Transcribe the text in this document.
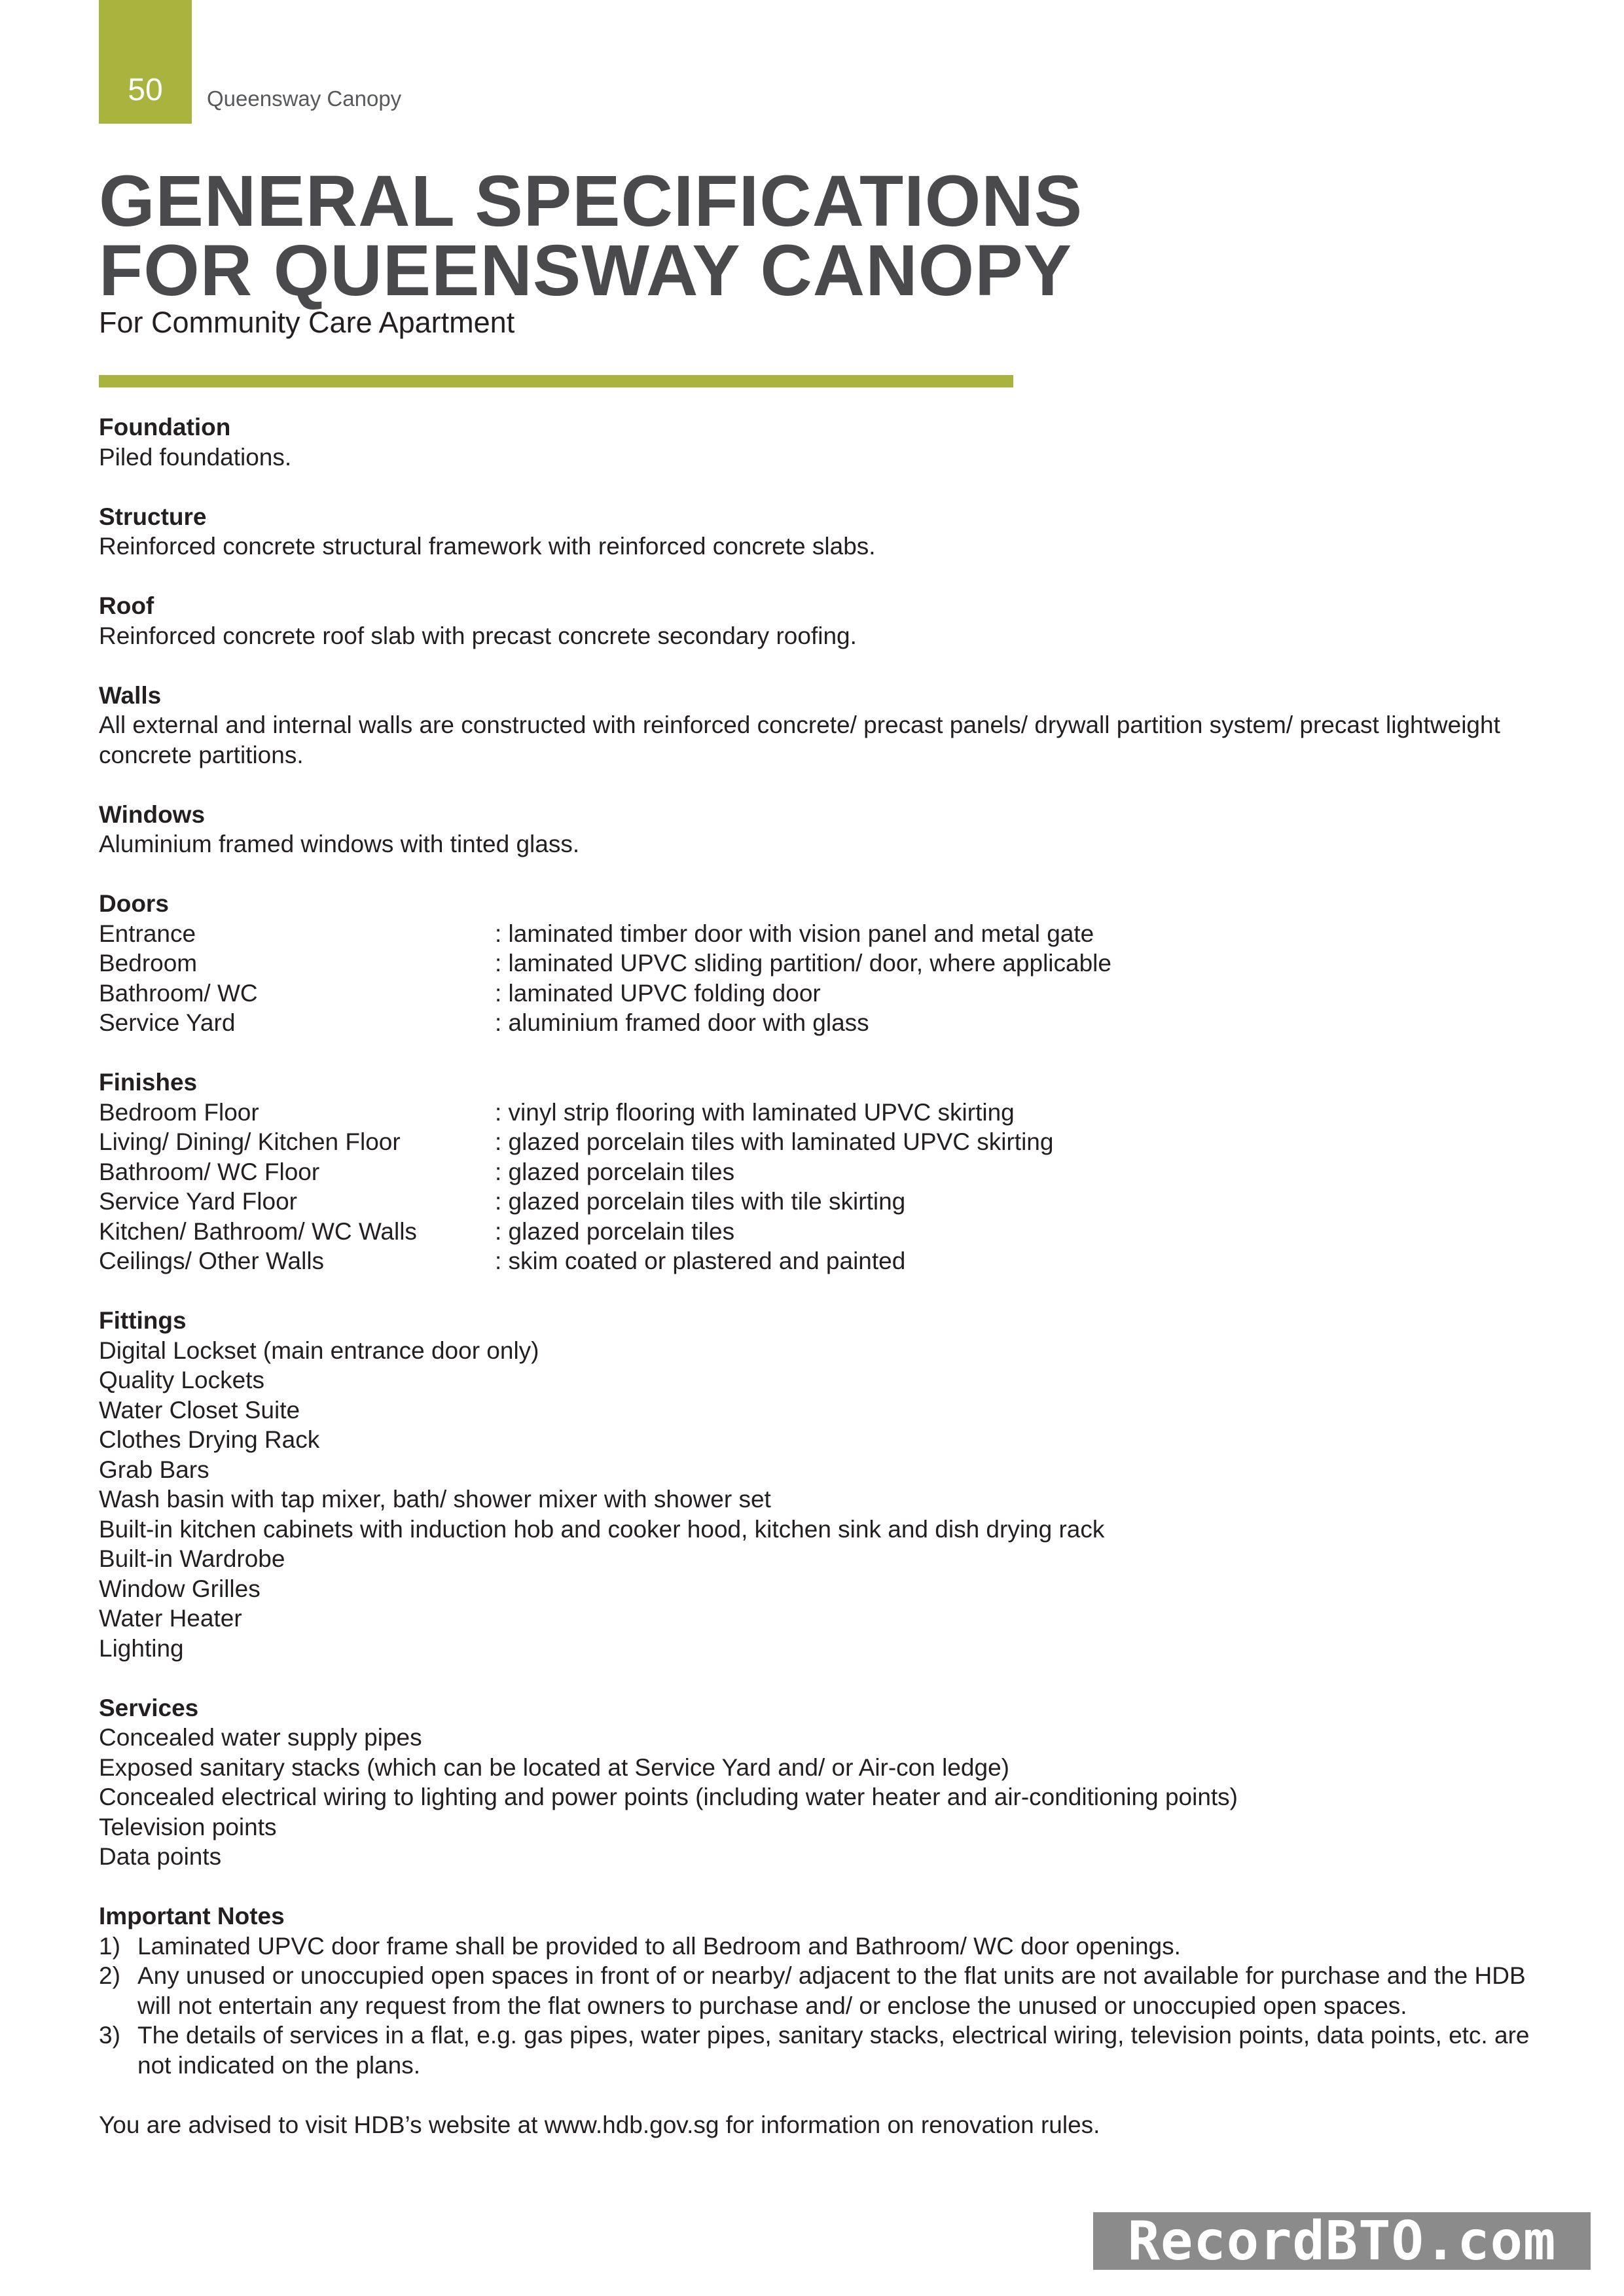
50	Queensway Canopy
GENERAL SPECIFICATIONS
FOR QUEENSWAY CANOPY
For Community Care Apartment
Foundation

Piled foundations.

Structure

Reinforced concrete structural framework with reinforced concrete slabs.

Roof

Reinforced concrete roof slab with precast concrete secondary roofing.

Walls

All external and internal walls are constructed with reinforced concrete/ precast panels/ drywall partition system/ precast lightweight concrete partitions.

Windows

Aluminium framed windows with tinted glass.

Doors
Entrance	: laminated timber door with vision panel and metal gate
Bedroom	: laminated UPVC sliding partition/ door, where applicable
Bathroom/ WC	: laminated UPVC folding door
Service Yard	: aluminium framed door with glass
Finishes
Bedroom Floor	: vinyl strip flooring with laminated UPVC skirting
Living/ Dining/ Kitchen Floor	: glazed porcelain tiles with laminated UPVC skirting
Bathroom/ WC Floor	: glazed porcelain tiles
Service Yard Floor	: glazed porcelain tiles with tile skirting
Kitchen/ Bathroom/ WC Walls	: glazed porcelain tiles
Ceilings/ Other Walls	: skim coated or plastered and painted
Fittings
Digital Lockset (main entrance door only)
Quality Lockets
Water Closet Suite
Clothes Drying Rack
Grab Bars
Wash basin with tap mixer, bath/ shower mixer with shower set
Built-in kitchen cabinets with induction hob and cooker hood, kitchen sink and dish drying rack
Built-in Wardrobe
Window Grilles
Water Heater
Lighting
Services
Concealed water supply pipes
Exposed sanitary stacks (which can be located at Service Yard and/ or Air-con ledge)
Concealed electrical wiring to lighting and power points (including water heater and air-conditioning points)
Television points
Data points
Important Notes
1) Laminated UPVC door frame shall be provided to all Bedroom and Bathroom/ WC door openings.
2) Any unused or unoccupied open spaces in front of or nearby/ adjacent to the flat units are not available for purchase and the HDB will not entertain any request from the flat owners to purchase and/ or enclose the unused or unoccupied open spaces.
3) The details of services in a flat, e.g. gas pipes, water pipes, sanitary stacks, electrical wiring, television points, data points, etc. are not indicated on the plans.

You are advised to visit HDB’s website at www.hdb.gov.sg for information on renovation rules.

RecordBTO.com
